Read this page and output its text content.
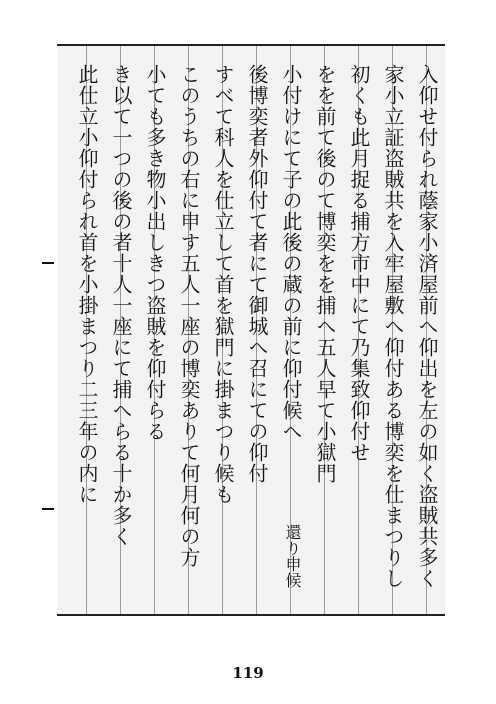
入仰せ付られ蔭家小済屋前へ仰出を左の如く盗賊共多く
家小立証盗賊共を入牢屋敷へ仰付ある博奕を仕まつりし
初くも此月捉る捕方市中にて乃集致仰付せ
をを前て後のて博奕をを捕へ五人早て小獄門
小付けにて子の此後の蔵の前に仰付候へ
還り申候
後博奕者外仰付て者にて御城へ召にての仰付
すべて科人を仕立して首を獄門に掛まつり候も
このうちの右に申す五人一座の博奕ありて何月何の方
小ても多き物小出しきつ盗賊を仰付らる
き以て一つの後の者十人一座にて捕へらる十か多く
此仕立小仰付られ首を小掛まつり二三年の内に
119
